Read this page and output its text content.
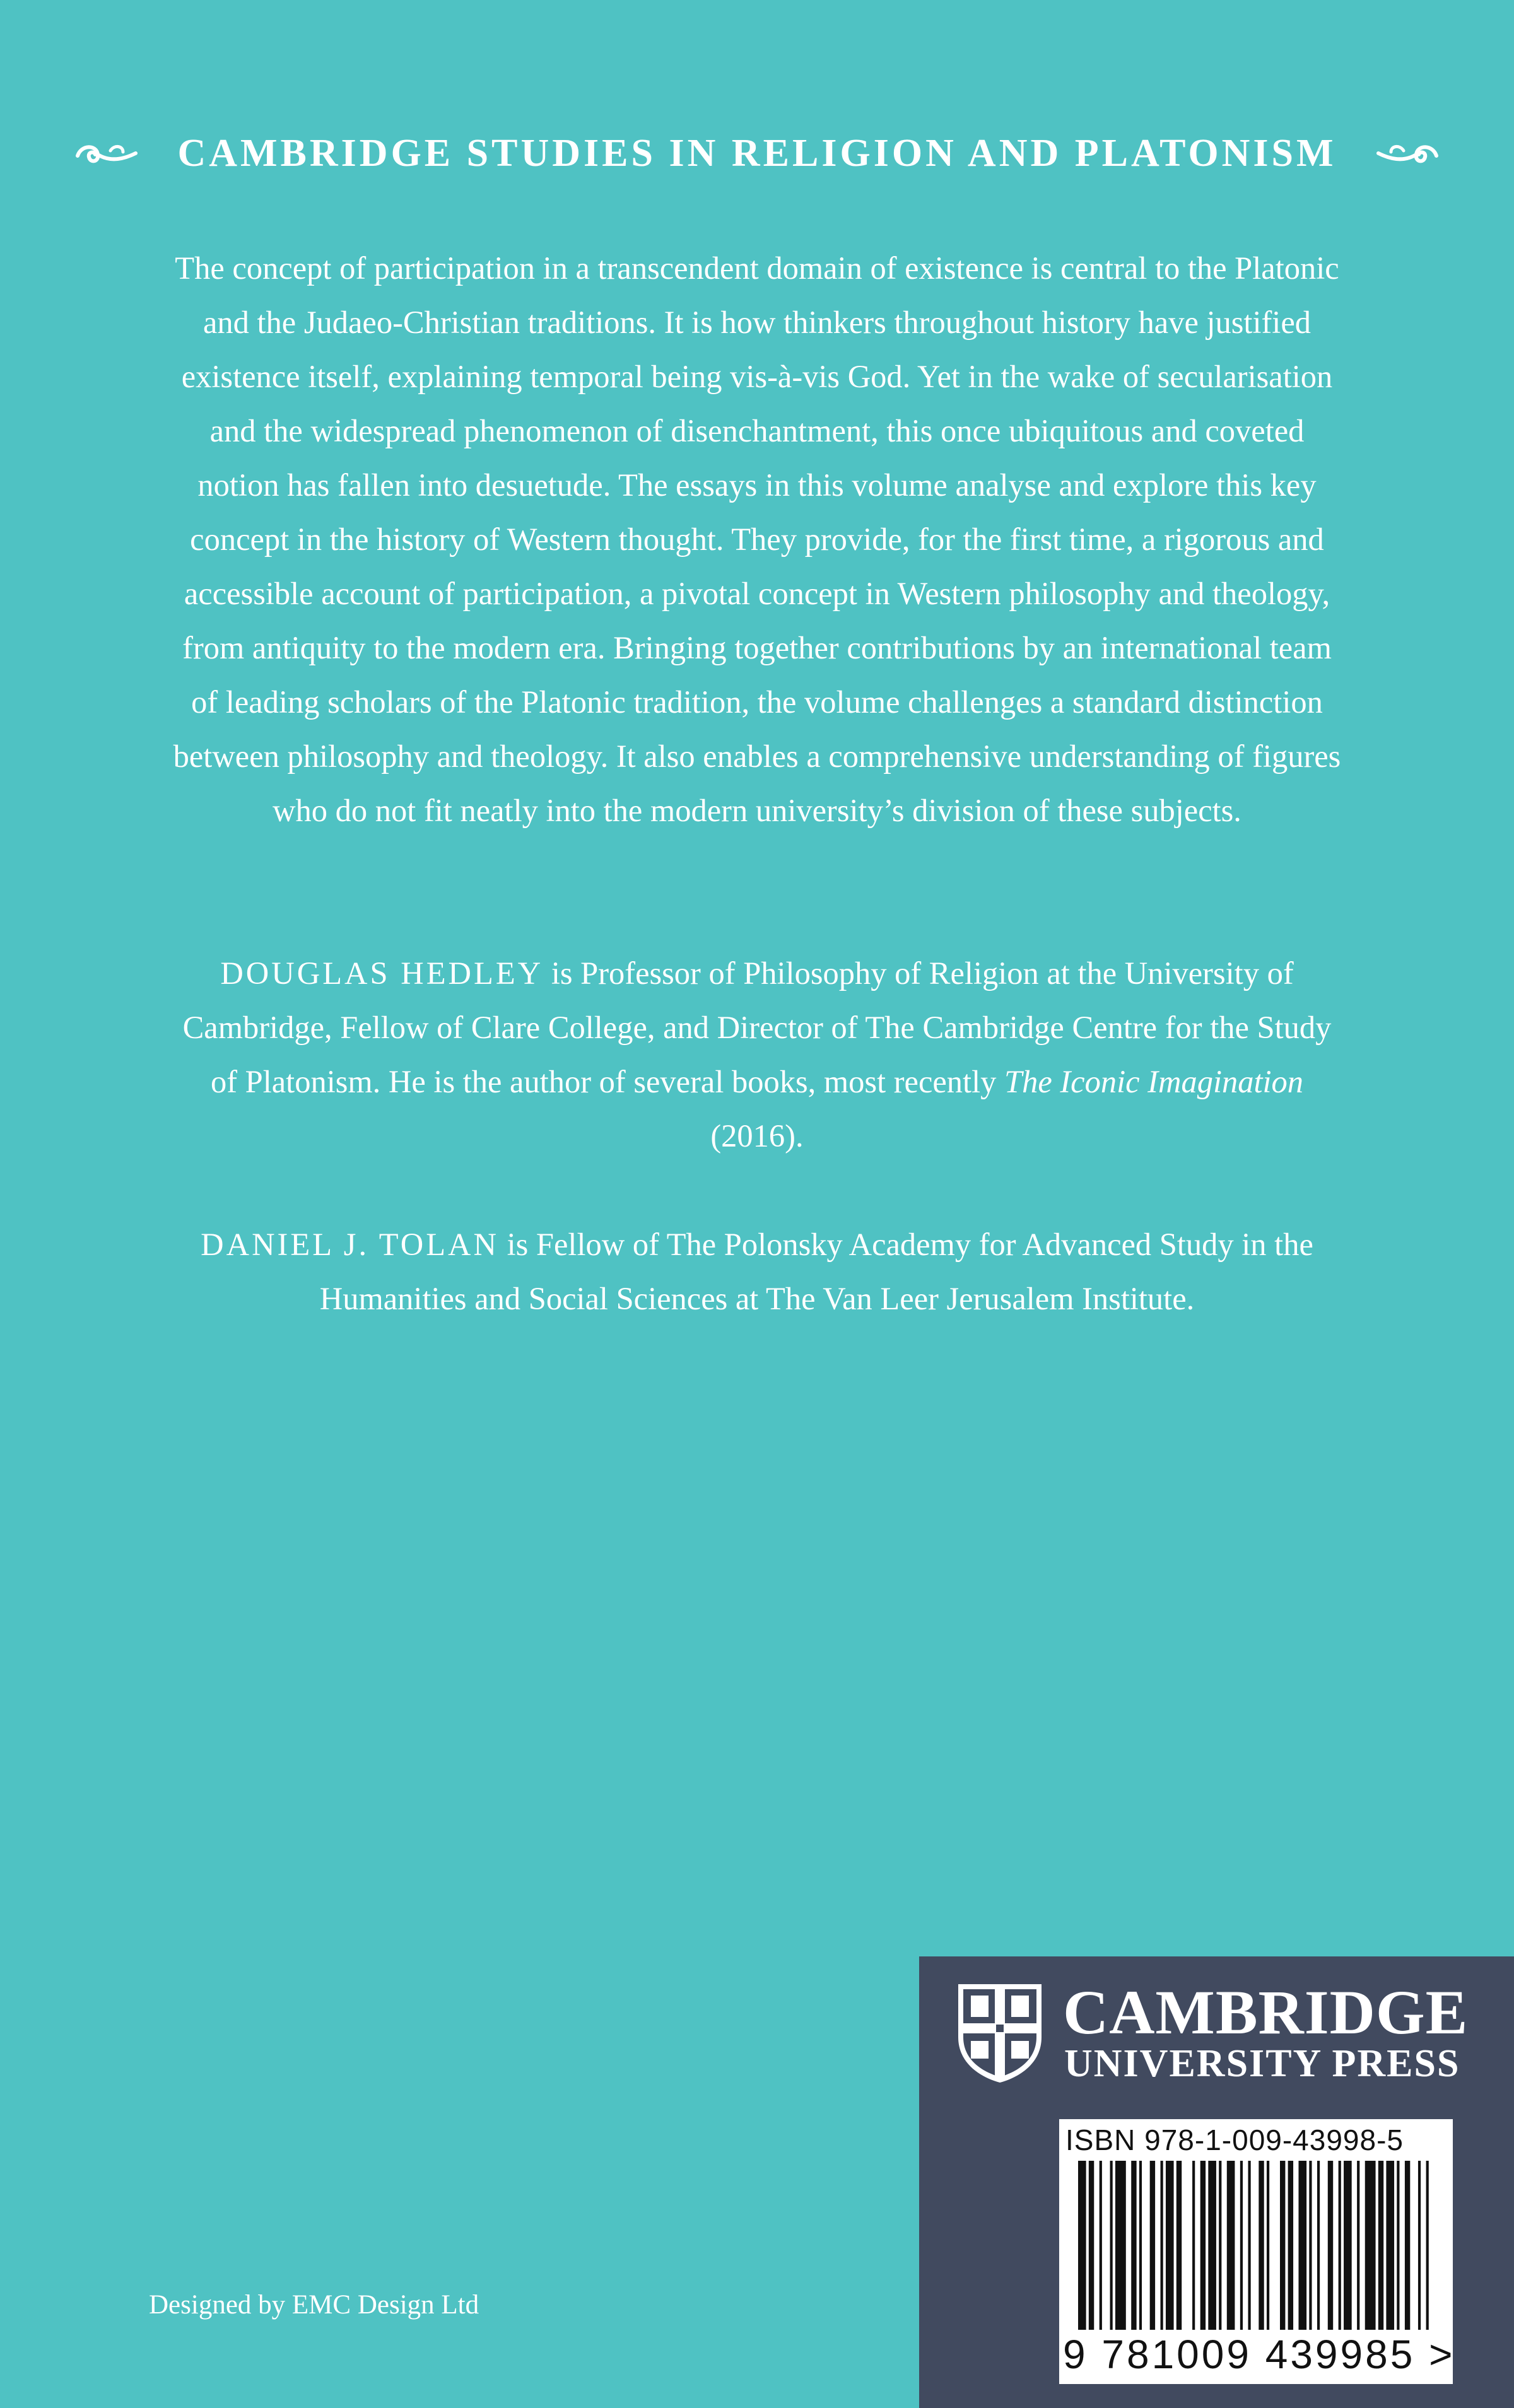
CAMBRIDGE STUDIES IN RELIGION AND PLATONISM

The concept of participation in a transcendent domain of existence is central to the Platonic and the Judaeo-Christian traditions. It is how thinkers throughout history have justified existence itself, explaining temporal being vis-à-vis God. Yet in the wake of secularisation and the widespread phenomenon of disenchantment, this once ubiquitous and coveted notion has fallen into desuetude. The essays in this volume analyse and explore this key concept in the history of Western thought. They provide, for the first time, a rigorous and accessible account of participation, a pivotal concept in Western philosophy and theology, from antiquity to the modern era. Bringing together contributions by an international team of leading scholars of the Platonic tradition, the volume challenges a standard distinction between philosophy and theology. It also enables a comprehensive understanding of figures who do not fit neatly into the modern university’s division of these subjects.

DOUGLAS HEDLEY is Professor of Philosophy of Religion at the University of Cambridge, Fellow of Clare College, and Director of The Cambridge Centre for the Study of Platonism. He is the author of several books, most recently The Iconic Imagination (2016).
DANIEL J. TOLAN is Fellow of The Polonsky Academy for Advanced Study in the Humanities and Social Sciences at The Van Leer Jerusalem Institute.
Designed by EMC Design Ltd
CAMBRIDGE
UNIVERSITY PRESS
ISBN 978-1-009-43998-5
9 781009 439985 >
